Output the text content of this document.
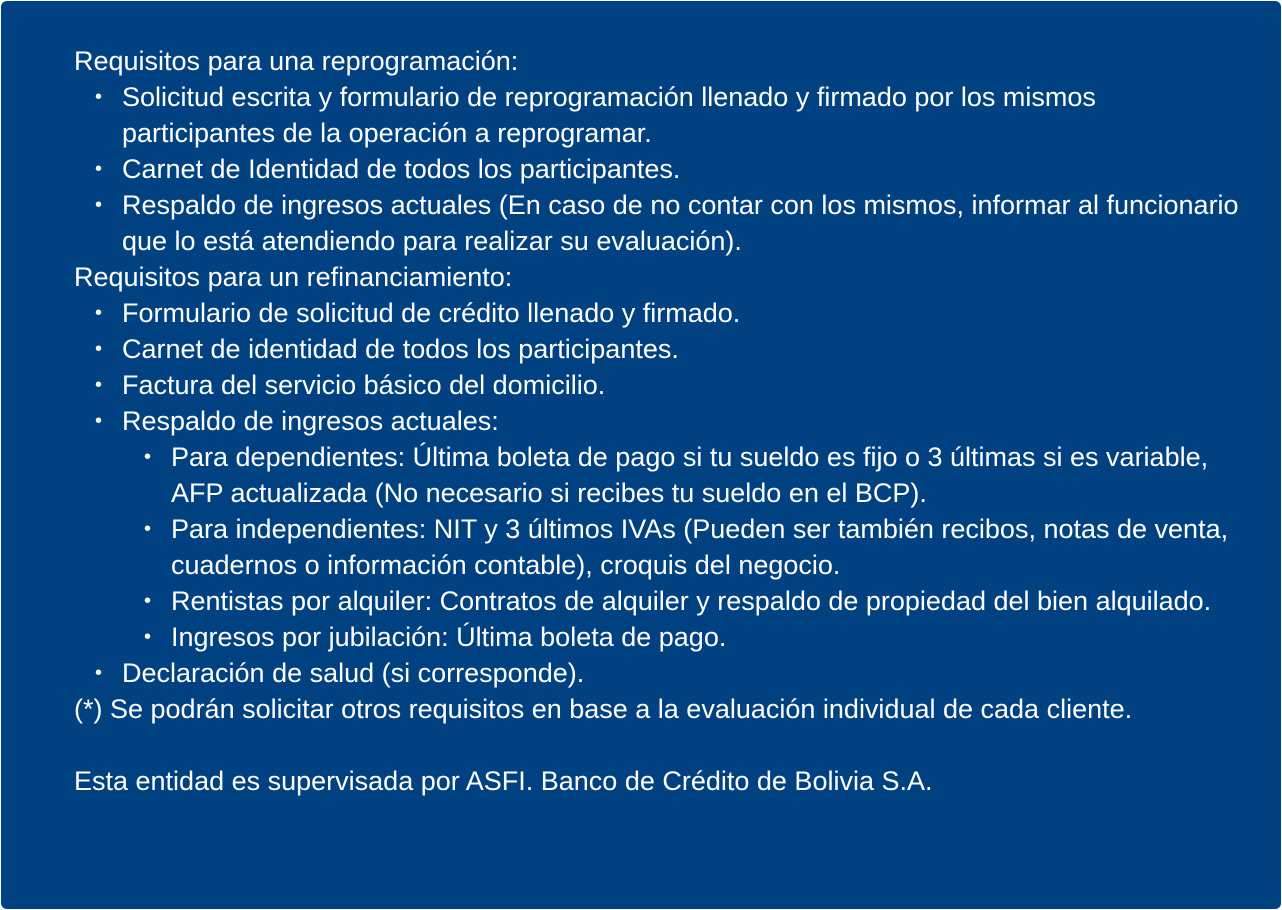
Requisitos para una reprogramación:

• Solicitud escrita y formulario de reprogramación llenado y firmado por los mismos participantes de la operación a reprogramar.
• Carnet de Identidad de todos los participantes.
• Respaldo de ingresos actuales (En caso de no contar con los mismos, informar al funcionario que lo está atendiendo para realizar su evaluación).

Requisitos para un refinanciamiento:

• Formulario de solicitud de crédito llenado y firmado.
• Carnet de identidad de todos los participantes.
• Factura del servicio básico del domicilio.
• Respaldo de ingresos actuales:
• Para dependientes: Última boleta de pago si tu sueldo es fijo o 3 últimas si es variable, AFP actualizada (No necesario si recibes tu sueldo en el BCP).
• Para independientes: NIT y 3 últimos IVAs (Pueden ser también recibos, notas de venta, cuadernos o información contable), croquis del negocio.
• Rentistas por alquiler: Contratos de alquiler y respaldo de propiedad del bien alquilado.
• Ingresos por jubilación: Última boleta de pago.
• Declaración de salud (si corresponde).

(*) Se podrán solicitar otros requisitos en base a la evaluación individual de cada cliente.

Esta entidad es supervisada por ASFI. Banco de Crédito de Bolivia S.A.
